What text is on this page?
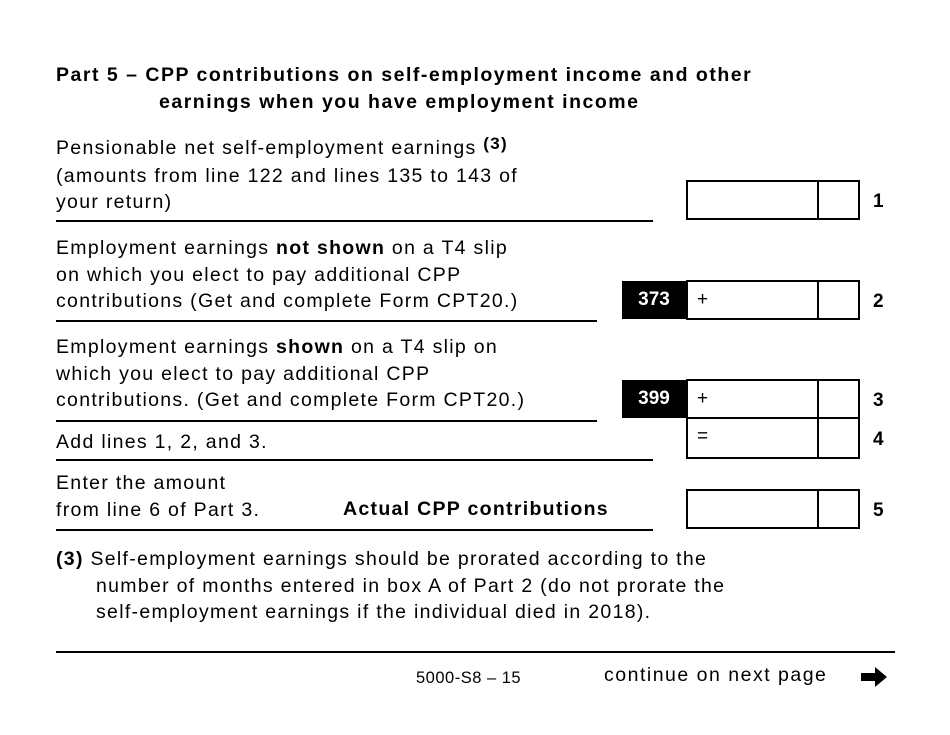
Part 5 – CPP contributions on self-employment income and other
earnings when you have employment income
Pensionable net self-employment earnings (3)
(amounts from line 122 and lines 135 to 143 of
your return)	1
Employment earnings not shown on a T4 slip
on which you elect to pay additional CPP
contributions (Get and complete Form CPT20.)	373	+	2
Employment earnings shown on a T4 slip on
which you elect to pay additional CPP
contributions. (Get and complete Form CPT20.)	399	+	3
Add lines 1, 2, and 3.	=	4
Enter the amount
from line 6 of Part 3.	Actual CPP contributions	5
(3) Self-employment earnings should be prorated according to the
number of months entered in box A of Part 2 (do not prorate the
self-employment earnings if the individual died in 2018).
5000-S8 – 15	continue on next page
